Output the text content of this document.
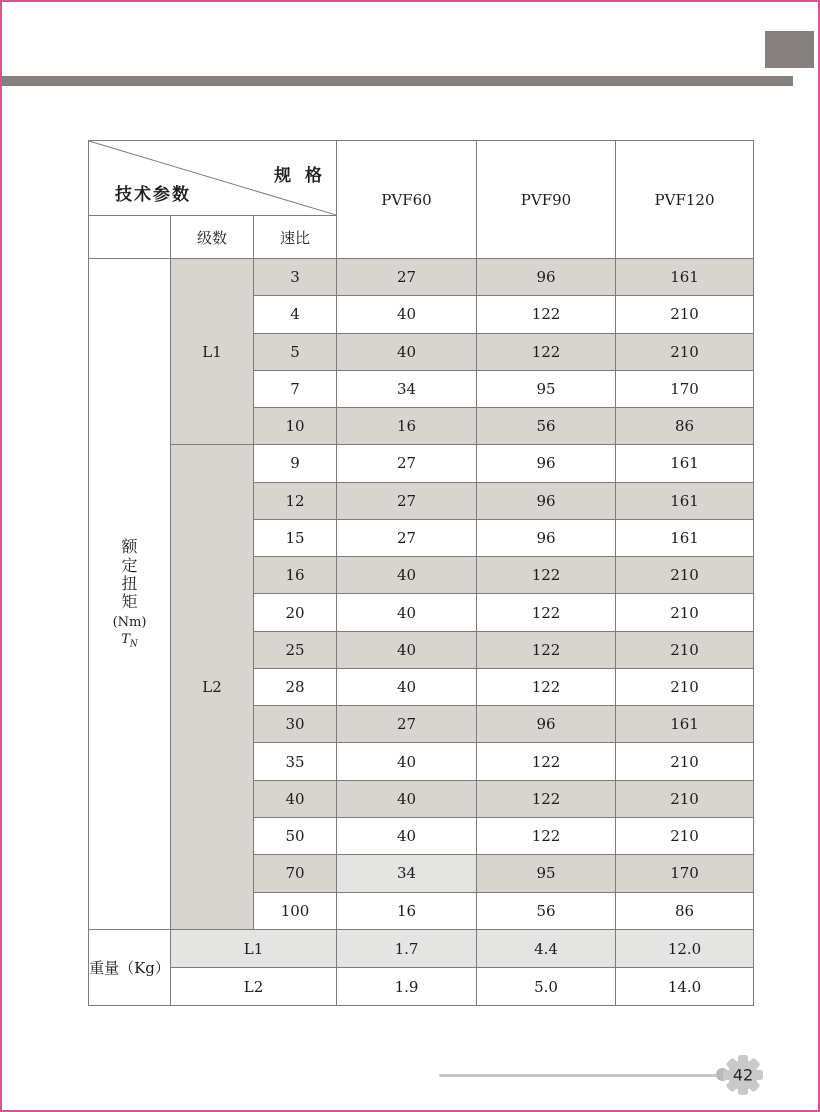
规 格
技术参数			PVF60	PVF90	PVF120
	级数	速比			

额
定
扭
矩
(Nm)
$T_N$
	L1	3	27	96	161
		4	40	122	210
		5	40	122	210
		7	34	95	170
		10	16	56	86
	L2	9	27	96	161
		12	27	96	161
		15	27	96	161
		16	40	122	210
		20	40	122	210
		25	40	122	210
		28	40	122	210
		30	27	96	161
		35	40	122	210
		40	40	122	210
		50	40	122	210
		70	34	95	170
		100	16	56	86
重量（Kg）	L1		1.7	4.4	12.0
	L2		1.9	5.0	14.0
42
